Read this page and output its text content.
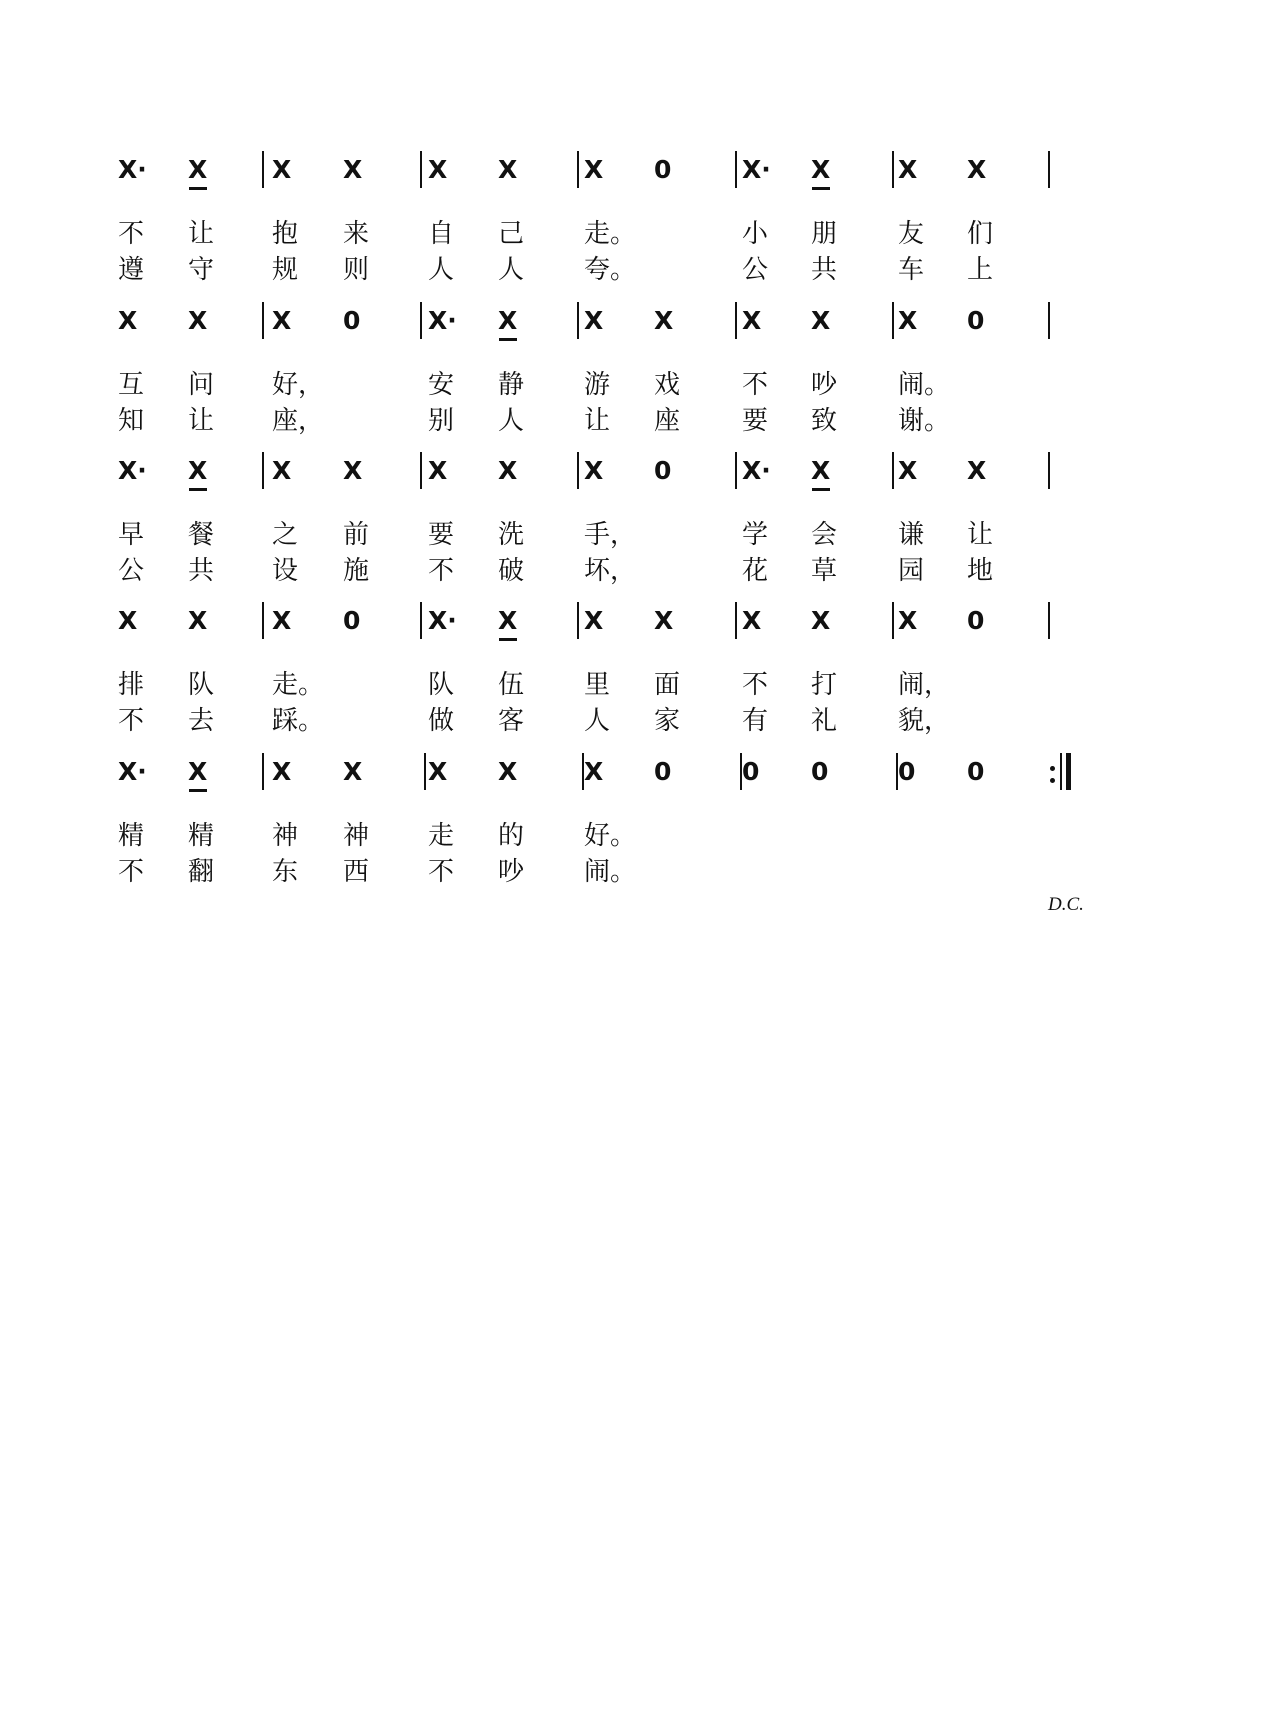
X·	X	X	X	X	X	X	0	X·	X	X	X
不	让	抱	来	自	己	走。	小	朋	友	们
遵	守	规	则	人	人	夸。	公	共	车	上
X	X	X	0	X·	X	X	X	X	X	X	0
互	问	好，	安	静	游	戏	不	吵	闹。
知	让	座，	别	人	让	座	要	致	谢。
X·	X	X	X	X	X	X	0	X·	X	X	X
早	餐	之	前	要	洗	手，	学	会	谦	让
公	共	设	施	不	破	坏，	花	草	园	地
X	X	X	0	X·	X	X	X	X	X	X	0
排	队	走。	队	伍	里	面	不	打	闹，
不	去	踩。	做	客	人	家	有	礼	貌，
X·	X	X	X	X	X	X	0	0	0	0	0
D.C.
精	精	神	神	走	的	好。
不	翻	东	西	不	吵	闹。
